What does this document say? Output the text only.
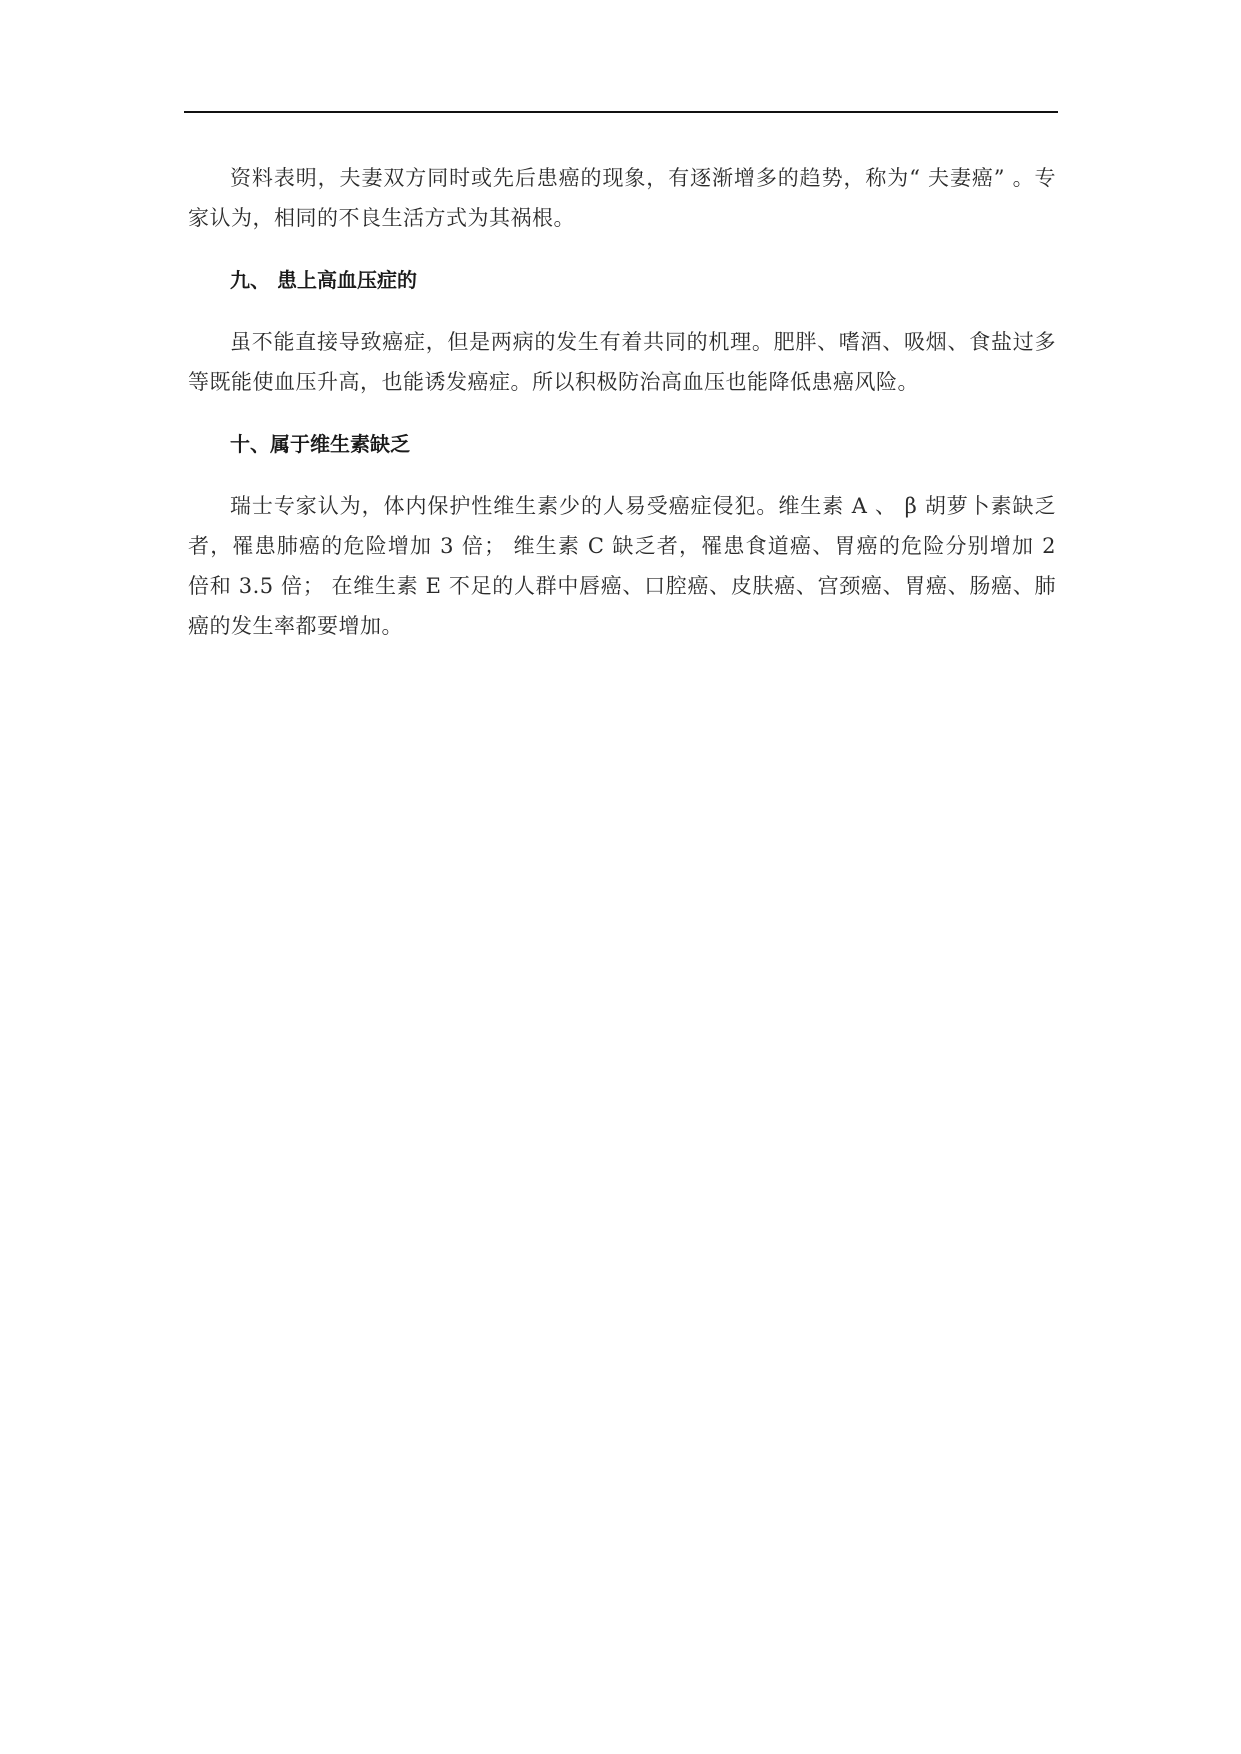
资料表明，夫妻双方同时或先后患癌的现象，有逐渐增多的趋势，称为“ 夫妻癌” 。专家认为，相同的不良生活方式为其祸根。

九、 患上高血压症的

虽不能直接导致癌症，但是两病的发生有着共同的机理。肥胖、嗜酒、吸烟、食盐过多等既能使血压升高，也能诱发癌症。所以积极防治高血压也能降低患癌风险。

十、属于维生素缺乏

瑞士专家认为，体内保护性维生素少的人易受癌症侵犯。维生素 A 、 β 胡萝卜素缺乏者，罹患肺癌的危险增加 3 倍； 维生素 C 缺乏者，罹患食道癌、胃癌的危险分别增加 2 倍和 3.5 倍； 在维生素 E 不足的人群中唇癌、口腔癌、皮肤癌、宫颈癌、胃癌、肠癌、肺癌的发生率都要增加。
